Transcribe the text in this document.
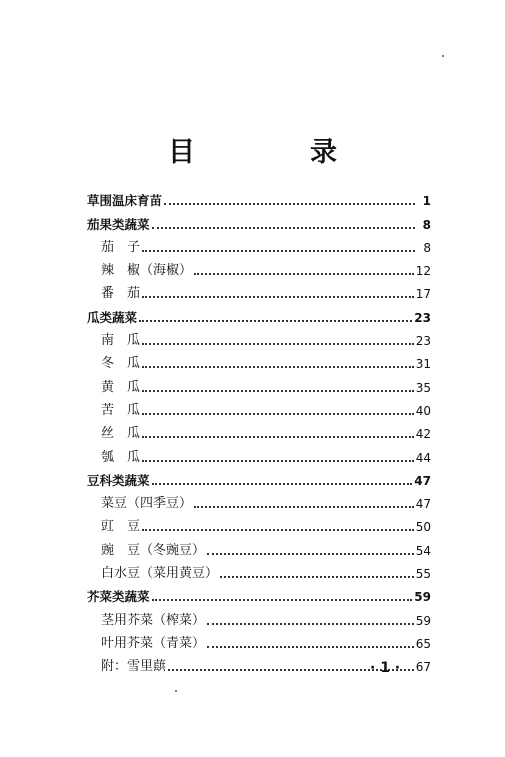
目　录
草围温床育苗	1
茄果类蔬菜	8
茄　子	8
辣　椒（海椒）	12
番　茄	17
瓜类蔬菜	23
南　瓜	23
冬　瓜	31
黄　瓜	35
苦　瓜	40
丝　瓜	42
瓠　瓜	44
豆科类蔬菜	47
菜豆（四季豆）	47
豇　豆	50
豌　豆（冬豌豆）	54
白水豆（菜用黄豆）	55
芥菜类蔬菜	59
茎用芥菜（榨菜）	59
叶用芥菜（青菜）	65
附：雪里蕻	67
· 1 ·
